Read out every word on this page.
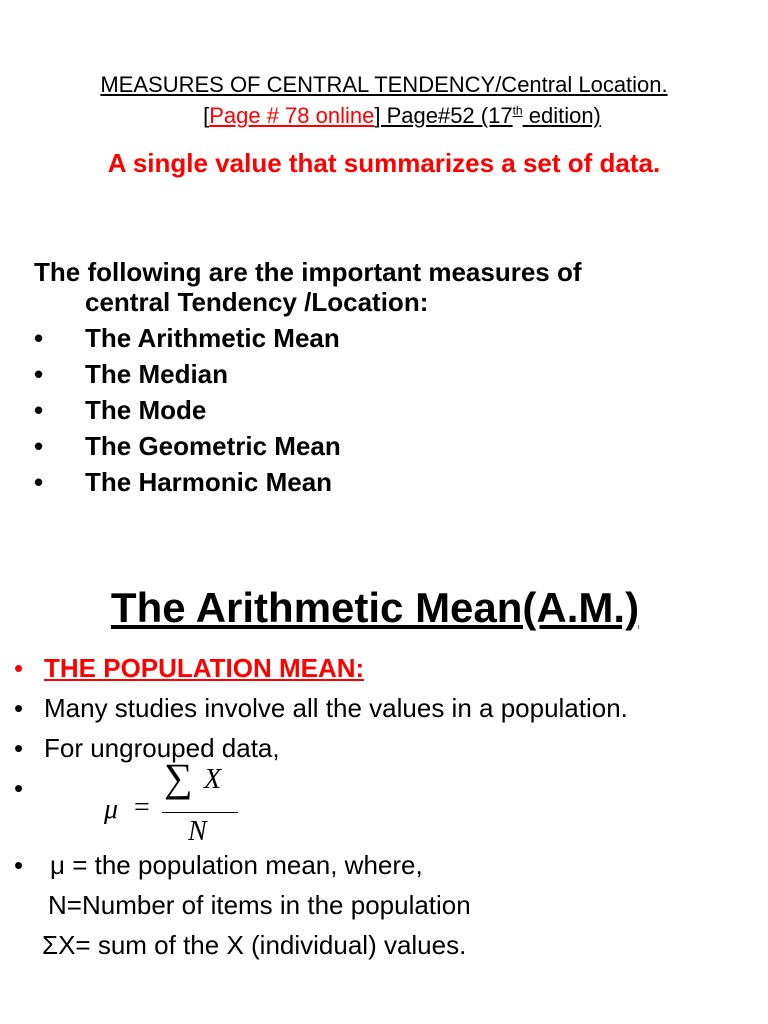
MEASURES OF CENTRAL TENDENCY/Central Location.
[Page # 78 online] Page#52 (17th edition)
A single value that summarizes a set of data.
The following are the important measures of
central Tendency /Location:
•	The Arithmetic Mean
•	The Median
•	The Mode
•	The Geometric Mean
•	The Harmonic Mean
The Arithmetic Mean(A.M.)
• THE POPULATION MEAN:
• Many studies involve all the values in a population.
• For ungrouped data,
•
μ =
∑ X
N
• μ = the population mean, where,
N=Number of items in the population
ΣX= sum of the X (individual) values.
